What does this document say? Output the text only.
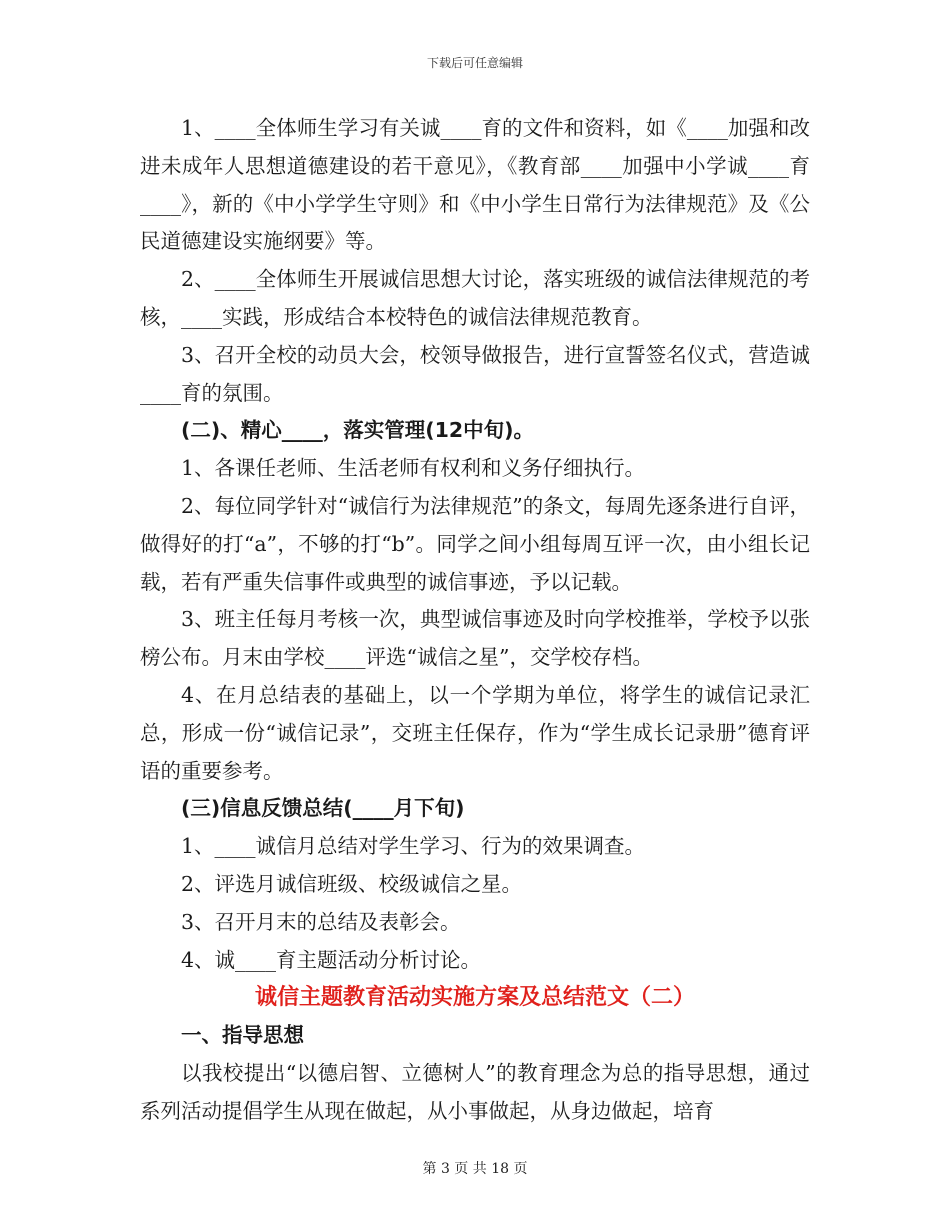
下载后可任意编辑

1、____全体师生学习有关诚____育的文件和资料，如《____加强和改进未成年人思想道德建设的若干意见》，《教育部____加强中小学诚____育____》，新的《中小学学生守则》和《中小学生日常行为法律规范》及《公民道德建设实施纲要》等。

2、____全体师生开展诚信思想大讨论，落实班级的诚信法律规范的考核，____实践，形成结合本校特色的诚信法律规范教育。

3、召开全校的动员大会，校领导做报告，进行宣誓签名仪式，营造诚____育的氛围。

(二)、精心____，落实管理(12中旬)。

1、各课任老师、生活老师有权利和义务仔细执行。

2、每位同学针对“诚信行为法律规范”的条文，每周先逐条进行自评，做得好的打“a”，不够的打“b”。同学之间小组每周互评一次，由小组长记载，若有严重失信事件或典型的诚信事迹，予以记载。

3、班主任每月考核一次，典型诚信事迹及时向学校推举，学校予以张榜公布。月末由学校____评选“诚信之星”，交学校存档。

4、在月总结表的基础上，以一个学期为单位，将学生的诚信记录汇总，形成一份“诚信记录”，交班主任保存，作为“学生成长记录册”德育评语的重要参考。

(三)信息反馈总结(____月下旬)

1、____诚信月总结对学生学习、行为的效果调查。

2、评选月诚信班级、校级诚信之星。

3、召开月末的总结及表彰会。

4、诚____育主题活动分析讨论。

诚信主题教育活动实施方案及总结范文（二）

一、指导思想

以我校提出“以德启智、立德树人”的教育理念为总的指导思想，通过系列活动提倡学生从现在做起，从小事做起，从身边做起，培育

第 3 页 共 18 页
